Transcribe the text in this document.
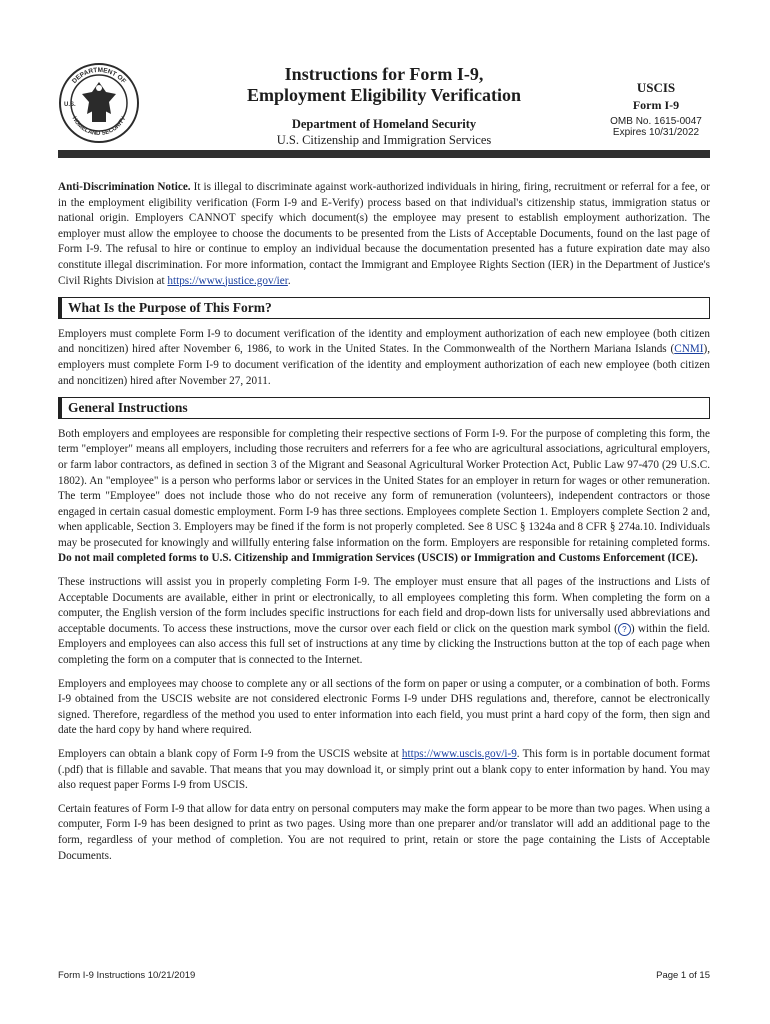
DEPARTMENT OF
HOMELAND SECURITY
U.S.
Instructions for Form I-9,
Employment Eligibility Verification
Department of Homeland Security
U.S. Citizenship and Immigration Services
USCIS
Form I-9
OMB No. 1615-0047
Expires 10/31/2022

Anti-Discrimination Notice. It is illegal to discriminate against work-authorized individuals in hiring, firing, recruitment or referral for a fee, or in the employment eligibility verification (Form I-9 and E-Verify) process based on that individual's citizenship status, immigration status or national origin. Employers CANNOT specify which document(s) the employee may present to establish employment authorization. The employer must allow the employee to choose the documents to be presented from the Lists of Acceptable Documents, found on the last page of Form I-9. The refusal to hire or continue to employ an individual because the documentation presented has a future expiration date may also constitute illegal discrimination. For more information, contact the Immigrant and Employee Rights Section (IER) in the Department of Justice's Civil Rights Division at https://www.justice.gov/ier.

What Is the Purpose of This Form?

Employers must complete Form I-9 to document verification of the identity and employment authorization of each new employee (both citizen and noncitizen) hired after November 6, 1986, to work in the United States. In the Commonwealth of the Northern Mariana Islands (CNMI), employers must complete Form I-9 to document verification of the identity and employment authorization of each new employee (both citizen and noncitizen) hired after November 27, 2011.

General Instructions

Both employers and employees are responsible for completing their respective sections of Form I-9. For the purpose of completing this form, the term "employer" means all employers, including those recruiters and referrers for a fee who are agricultural associations, agricultural employers, or farm labor contractors, as defined in section 3 of the Migrant and Seasonal Agricultural Worker Protection Act, Public Law 97-470 (29 U.S.C. 1802). An "employee" is a person who performs labor or services in the United States for an employer in return for wages or other remuneration. The term "Employee" does not include those who do not receive any form of remuneration (volunteers), independent contractors or those engaged in certain casual domestic employment. Form I-9 has three sections. Employees complete Section 1. Employers complete Section 2 and, when applicable, Section 3. Employers may be fined if the form is not properly completed. See 8 USC § 1324a and 8 CFR § 274a.10. Individuals may be prosecuted for knowingly and willfully entering false information on the form. Employers are responsible for retaining completed forms. Do not mail completed forms to U.S. Citizenship and Immigration Services (USCIS) or Immigration and Customs Enforcement (ICE).

These instructions will assist you in properly completing Form I-9. The employer must ensure that all pages of the instructions and Lists of Acceptable Documents are available, either in print or electronically, to all employees completing this form. When completing the form on a computer, the English version of the form includes specific instructions for each field and drop-down lists for universally used abbreviations and acceptable documents. To access these instructions, move the cursor over each field or click on the question mark symbol ( ? ) within the field. Employers and employees can also access this full set of instructions at any time by clicking the Instructions button at the top of each page when completing the form on a computer that is connected to the Internet.

Employers and employees may choose to complete any or all sections of the form on paper or using a computer, or a combination of both. Forms I-9 obtained from the USCIS website are not considered electronic Forms I-9 under DHS regulations and, therefore, cannot be electronically signed. Therefore, regardless of the method you used to enter information into each field, you must print a hard copy of the form, then sign and date the hard copy by hand where required.

Employers can obtain a blank copy of Form I-9 from the USCIS website at https://www.uscis.gov/i-9. This form is in portable document format (.pdf) that is fillable and savable. That means that you may download it, or simply print out a blank copy to enter information by hand. You may also request paper Forms I-9 from USCIS.

Certain features of Form I-9 that allow for data entry on personal computers may make the form appear to be more than two pages. When using a computer, Form I-9 has been designed to print as two pages. Using more than one preparer and/or translator will add an additional page to the form, regardless of your method of completion. You are not required to print, retain or store the page containing the Lists of Acceptable Documents.

Form I-9 Instructions 10/21/2019	Page 1 of 15
